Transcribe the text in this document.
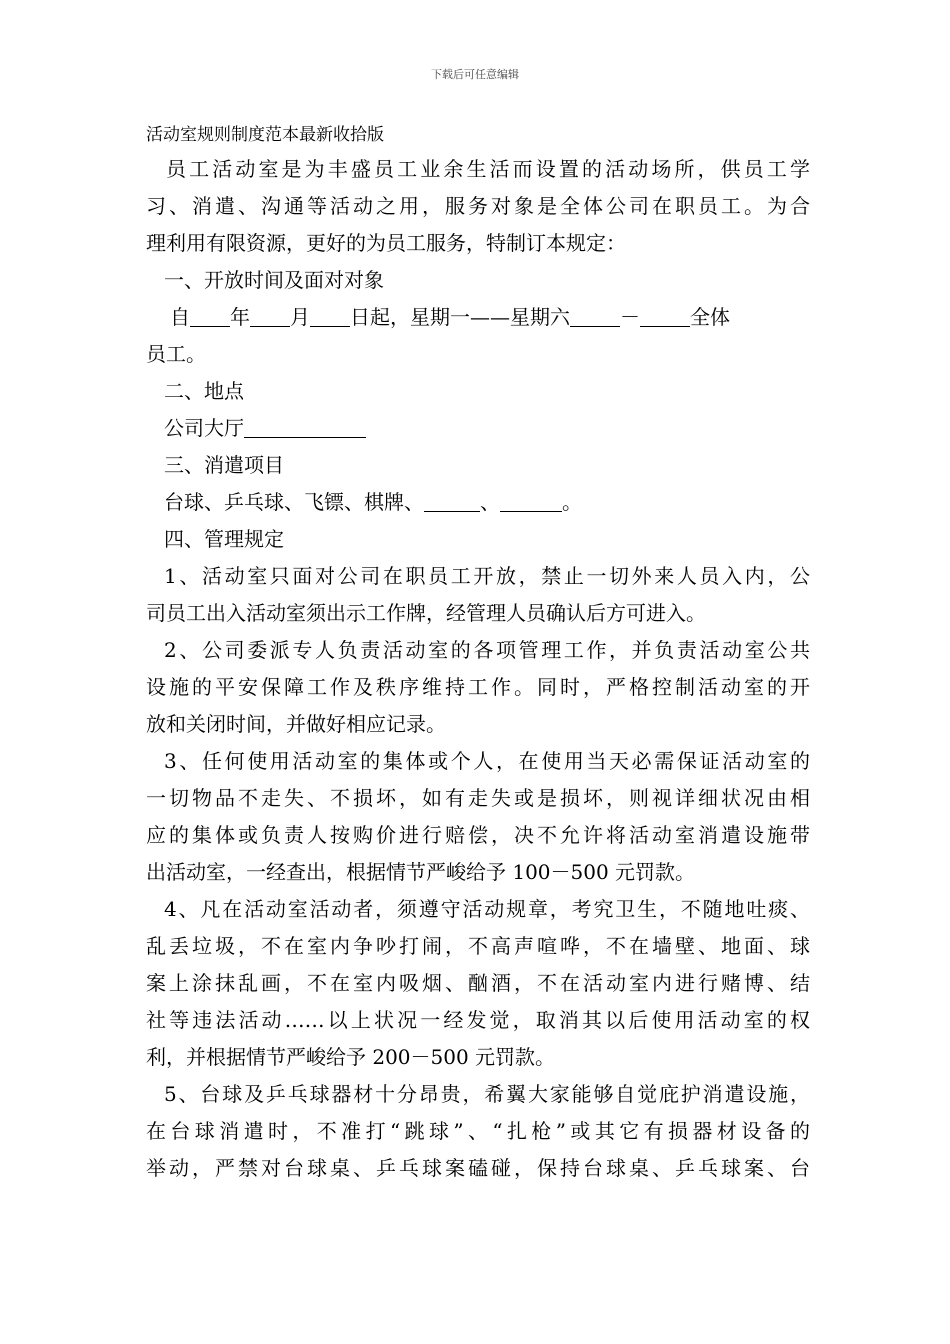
下载后可任意编辑
活动室规则制度范本最新收拾版
员工活动室是为丰盛员工业余生活而设置的活动场所，供员工学
习、消遣、沟通等活动之用，服务对象是全体公司在职员工。为合
理利用有限资源，更好的为员工服务，特制订本规定：
一、开放时间及面对对象
自 年 月 日起，星期一——星期六	－	全体
员工。
二、地点
公司大厅
三、消遣项目
台球、乒乓球、飞镖、棋牌、	、	。
四、管理规定
1、活动室只面对公司在职员工开放，禁止一切外来人员入内，公
司员工出入活动室须出示工作牌，经管理人员确认后方可进入。
2、公司委派专人负责活动室的各项管理工作，并负责活动室公共
设施的平安保障工作及秩序维持工作。同时，严格控制活动室的开
放和关闭时间，并做好相应记录。
3、任何使用活动室的集体或个人，在使用当天必需保证活动室的
一切物品不走失、不损坏，如有走失或是损坏，则视详细状况由相
应的集体或负责人按购价进行赔偿，决不允许将活动室消遣设施带
出活动室，一经查出，根据情节严峻给予 100－500 元罚款。
4、凡在活动室活动者，须遵守活动规章，考究卫生，不随地吐痰、
乱丢垃圾，不在室内争吵打闹，不高声喧哗，不在墙壁、地面、球
案上涂抹乱画，不在室内吸烟、酗酒，不在活动室内进行赌博、结
社等违法活动……以上状况一经发觉，取消其以后使用活动室的权
利，并根据情节严峻给予 200－500 元罚款。
5、台球及乒乓球器材十分昂贵，希翼大家能够自觉庇护消遣设施，
在台球消遣时，不准打“跳球”、“扎枪”或其它有损器材设备的
举动，严禁对台球桌、乒乓球案磕碰，保持台球桌、乒乓球案、台
